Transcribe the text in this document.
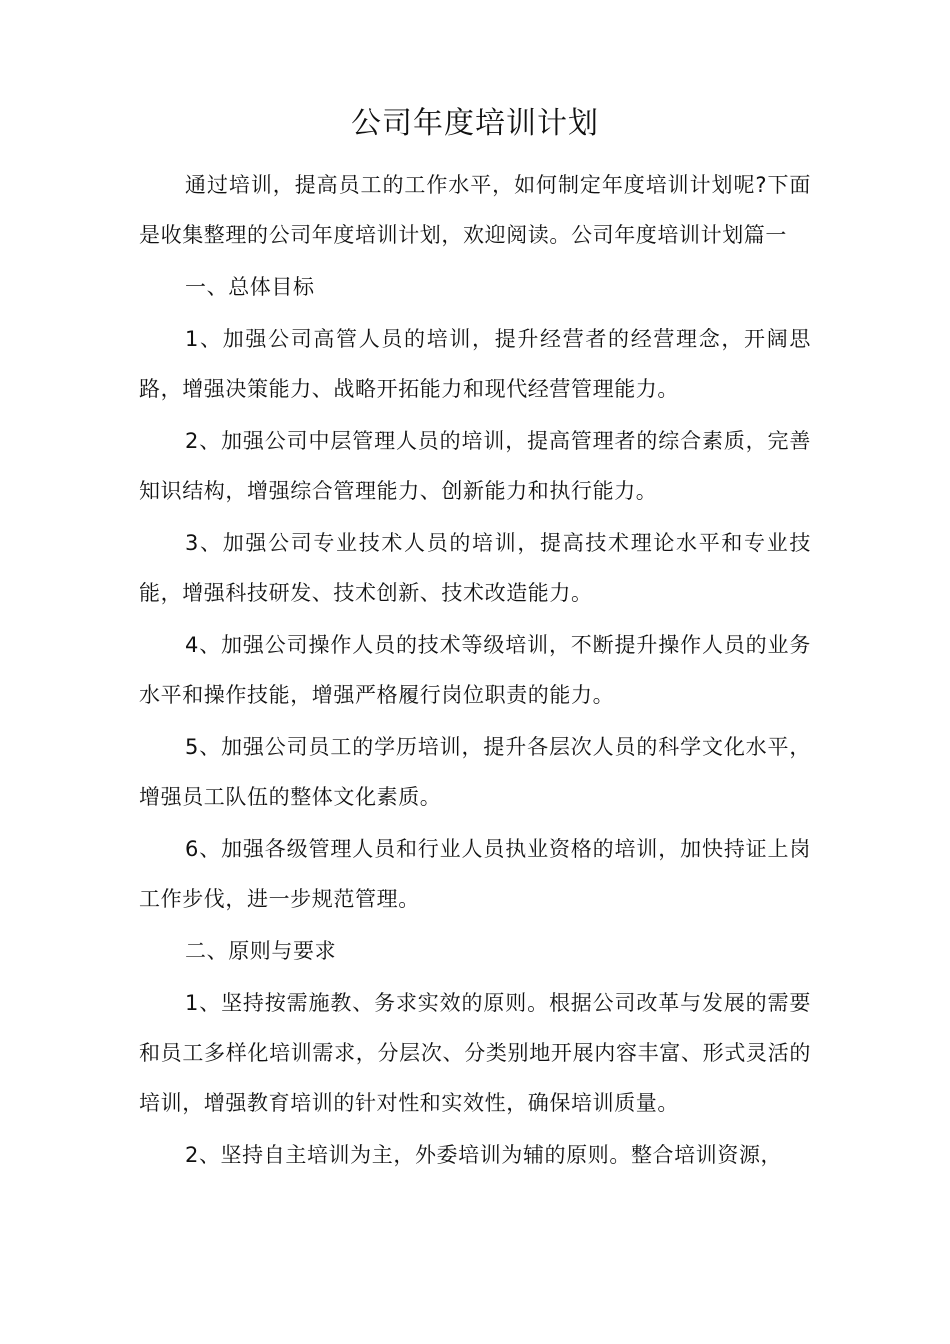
公司年度培训计划

通过培训，提高员工的工作水平，如何制定年度培训计划呢?下面是收集整理的公司年度培训计划，欢迎阅读。公司年度培训计划篇一

一、总体目标

1、加强公司高管人员的培训，提升经营者的经营理念，开阔思路，增强决策能力、战略开拓能力和现代经营管理能力。

2、加强公司中层管理人员的培训，提高管理者的综合素质，完善知识结构，增强综合管理能力、创新能力和执行能力。

3、加强公司专业技术人员的培训，提高技术理论水平和专业技能，增强科技研发、技术创新、技术改造能力。

4、加强公司操作人员的技术等级培训，不断提升操作人员的业务水平和操作技能，增强严格履行岗位职责的能力。

5、加强公司员工的学历培训，提升各层次人员的科学文化水平，增强员工队伍的整体文化素质。

6、加强各级管理人员和行业人员执业资格的培训，加快持证上岗工作步伐，进一步规范管理。

二、原则与要求

1、坚持按需施教、务求实效的原则。根据公司改革与发展的需要和员工多样化培训需求，分层次、分类别地开展内容丰富、形式灵活的培训，增强教育培训的针对性和实效性，确保培训质量。

2、坚持自主培训为主，外委培训为辅的原则。整合培训资源，
